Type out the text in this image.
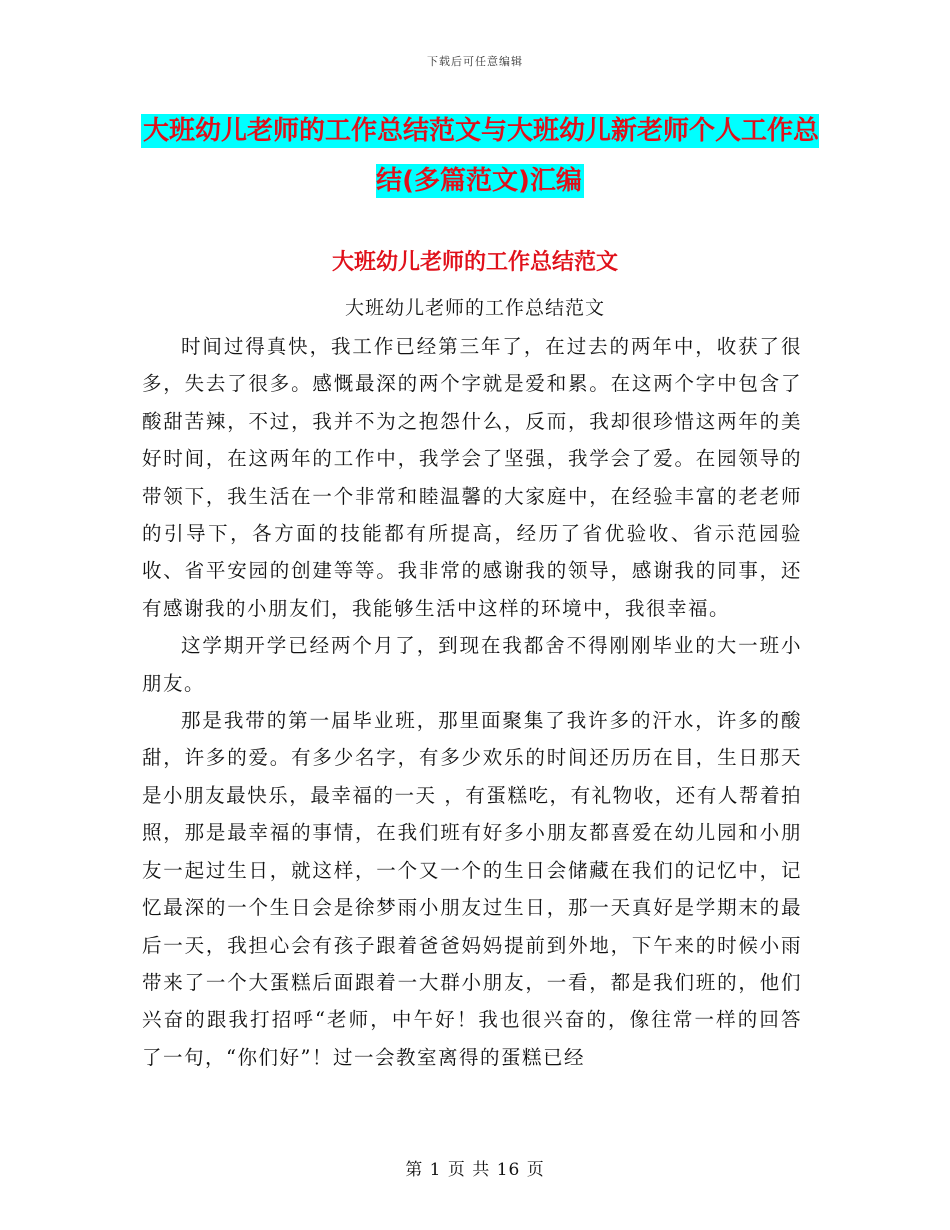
下载后可任意编辑
大班幼儿老师的工作总结范文与大班幼儿新老师个人工作总结(多篇范文)汇编
大班幼儿老师的工作总结范文
大班幼儿老师的工作总结范文

时间过得真快，我工作已经第三年了，在过去的两年中，收获了很多，失去了很多。感慨最深的两个字就是爱和累。在这两个字中包含了酸甜苦辣，不过，我并不为之抱怨什么，反而，我却很珍惜这两年的美好时间，在这两年的工作中，我学会了坚强，我学会了爱。在园领导的带领下，我生活在一个非常和睦温馨的大家庭中，在经验丰富的老老师的引导下，各方面的技能都有所提高，经历了省优验收、省示范园验收、省平安园的创建等等。我非常的感谢我的领导，感谢我的同事，还有感谢我的小朋友们，我能够生活中这样的环境中，我很幸福。

这学期开学已经两个月了，到现在我都舍不得刚刚毕业的大一班小朋友。

那是我带的第一届毕业班，那里面聚集了我许多的汗水，许多的酸甜，许多的爱。有多少名字，有多少欢乐的时间还历历在目，生日那天是小朋友最快乐，最幸福的一天 ，有蛋糕吃，有礼物收，还有人帮着拍照，那是最幸福的事情，在我们班有好多小朋友都喜爱在幼儿园和小朋友一起过生日，就这样，一个又一个的生日会储藏在我们的记忆中，记忆最深的一个生日会是徐梦雨小朋友过生日，那一天真好是学期末的最后一天，我担心会有孩子跟着爸爸妈妈提前到外地，下午来的时候小雨带来了一个大蛋糕后面跟着一大群小朋友，一看，都是我们班的，他们兴奋的跟我打招呼“老师，中午好！我也很兴奋的，像往常一样的回答了一句，“你们好”！过一会教室离得的蛋糕已经

第 1 页 共 16 页
